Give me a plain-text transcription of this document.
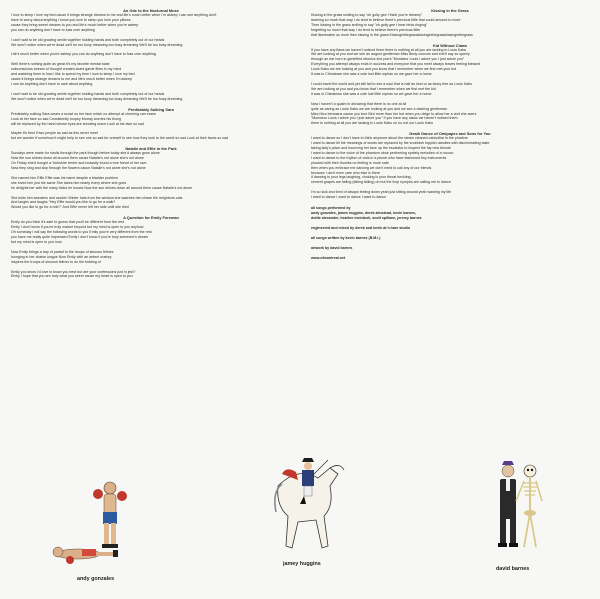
An Ode to the Nocturnal Muse
I love to sleep I love my bed cause it brings strange dreams to me and life's much better when I'm asleep I can see anything don't
have to worry about anything I know you love to sleep you love your pillows
cause they bring sweet dreams to you and life's much better when you're asleep
you can do anything don't have to fuss over anything
I can't wait to be old growing senile together holding hands and both completely out of our heads
We won't notice when we're dead we'll be too busy dreaming too busy dreaming We'll be too busy dreaming
Life's much better when you're asleep you can do anything don't have to fuss over anything
Well there's nothing quite as great it's my favorite mental state
subconscious stream of thought creates avant garde films in my mind
and watching them is how I like to spend my time I love to sleep I love my bed
cause it brings strange dreams to me and life's much better when I'm asleep
I can do anything don't have to care about anything
I can't wait to be old growing senile together holding hands and both completely out of our heads
We won't notice when we're dead we'll be too busy dreaming too busy dreaming We'll be too busy dreaming
Predictably Sulking Sara
Predictably sulking Sara wears a scowl on her face which no attempt at cheering can erase
Look at her face so sad Consistently mopey Murray worries his thong
will be replaced by the hand whose eyes are shooting mace Look at his face so sad
Maybe it's best if two people as sad as this never meet
but we wonder if somehow it might help to see one so sad for oneself to see how they look to the world so sad Look at their faces so sad
Natalie and Effie in the Park
Sundays were made for strolls through the park though before today she'd always gone alone
Now the sun shines down all around them cause Natalie's not alone she's not alone
On Friday she'd bought a Yorkshire terrier and instantly found a true friend of her own
Now they sing and skip through the flowers cause Natalie's not alone she's not alone
She named him Effie Effie was his name despite a bladder problem
she loved him just the same She takes him nearly every where she goes
he delights her with the many tricks he knows Now the sun shines down all around them cause Natalie's not alone
She knits him sweaters and woolen Winter hats from the window she watches him chase the neighbors cats
And laughs and laughs "Hey Effie would you like to go for a walk?
Would you like to go for a ride?" And Effie never left her side until she died
A Question for Emily Foreman
Emily do you think it's safe to guess that you'll be different from the rest
Emily I don't know if you're truly mature beyond but my mind is open to you anyhow
Oh someday I will say the following words to you Emily you're very different from the rest
you have me really quite impressed Emily I don't know if you're truly someone's dream
but my mind is open to you now
Now Emily brings a tray of parfait to the troops of sinuous felines
lounging in her chaise longue Now Emily with an ardent oratory
inspires the troops of sinuous felines to do the bidding of
Emily you know I'd love to know you best but are your confessions just in jest?
Emily I hope that you are truly what you seem cause my heart is open to you
Kissing in the Grass
Kissing in the grass smiling to say "oh golly gee I think you're dreamy"
learning so much that way I do tend to believe there's precious little that could amount to more
Then kissing in the grass smiling to say "oh golly gee I hear birds ringing"
forgetting so much that way I do tend to believe there's precious little
that illuminates us more then kissing in the grass Kissinginthegrasskissinginthegrasskissinginthegrass
Kid Without Claws
If you have any flaws we haven't noticed them there is nothing at all you are lacking in Louis Kabu
We are looking at you and we see an august gentleman Miss Birdy concurs and she'll say so openly
through an ear horn in gentrified ebonics she purrs "Monsieur Louis I adore you I just adore you"
Everything you attempt always ends in success and everyone that you meet always leaves feeling blessed
Louis Kabu we are looking at you and you know that I remember when we first met your kid
It was in Chinatown she was a cute lost little orphan so we gave her a home
I could travel the world and yet still fail to see a soul that is half as kind or as fancy free as Louis Kabu
We are looking at you and you know that I remember when we first met the kid
it was in Chinatown she was a cute lost little orphan so we gave her a home
Now I haven't a qualm in declaring that there is no one at all
quite as caring as Louis Kabu we are looking at you and we see a dashing gentleman
Miss Nico bemoans cause you love Bird more than her but when you deign to allow her a visit she avers
"Monsieur Louis I adore you I just adore you" If you have any claws we haven't noticed them
there is nothing at all you are lacking in Louis Kabu no no not our Louis Kabu
Death Dance of Omipapes and Sons for You
I want to dance so I don't have to think anymore about the steam cleaned caterpillar in the pinafore
I want to dance till the meanings of words are replaced by the snobbish foppish dandies with discriminating taste
taking lady's place and bouncing her face up the escalator to inspect the fay new blonde
I want to dance to the voice of the phantom oboe performing spritely melodies of a rococo
I want to dance to the rhythm of owls in a plumb who have fashioned tiny instruments
plucked with their thumbs no feeling is more safe
then when you embrace me dancing we don't need to call any of our friends
because I don't even care who else is there
if dancing is your legs laughing, choking is your throat heckling,
cement grapes are falling (falling falling) oh but the limp nymphs are calling me to dance
I'm so sick and tired of always feeling down yeah just sitting around yeah wasting my life
I want to dance I want to dance I want to dance
all songs performed by
andy gonzales, james huggins, derek almstead, kevin barnes,
dottie alexander, heather mcintosh, scott spillane, jeremy barnes
engineered and mixed by derek and kevin at h.hare studio
all songs written by kevin barnes (B.M.I.)
artwork by david barnes
www.ofmontreal.net
andy gonzales
jamey huggins
david barnes
